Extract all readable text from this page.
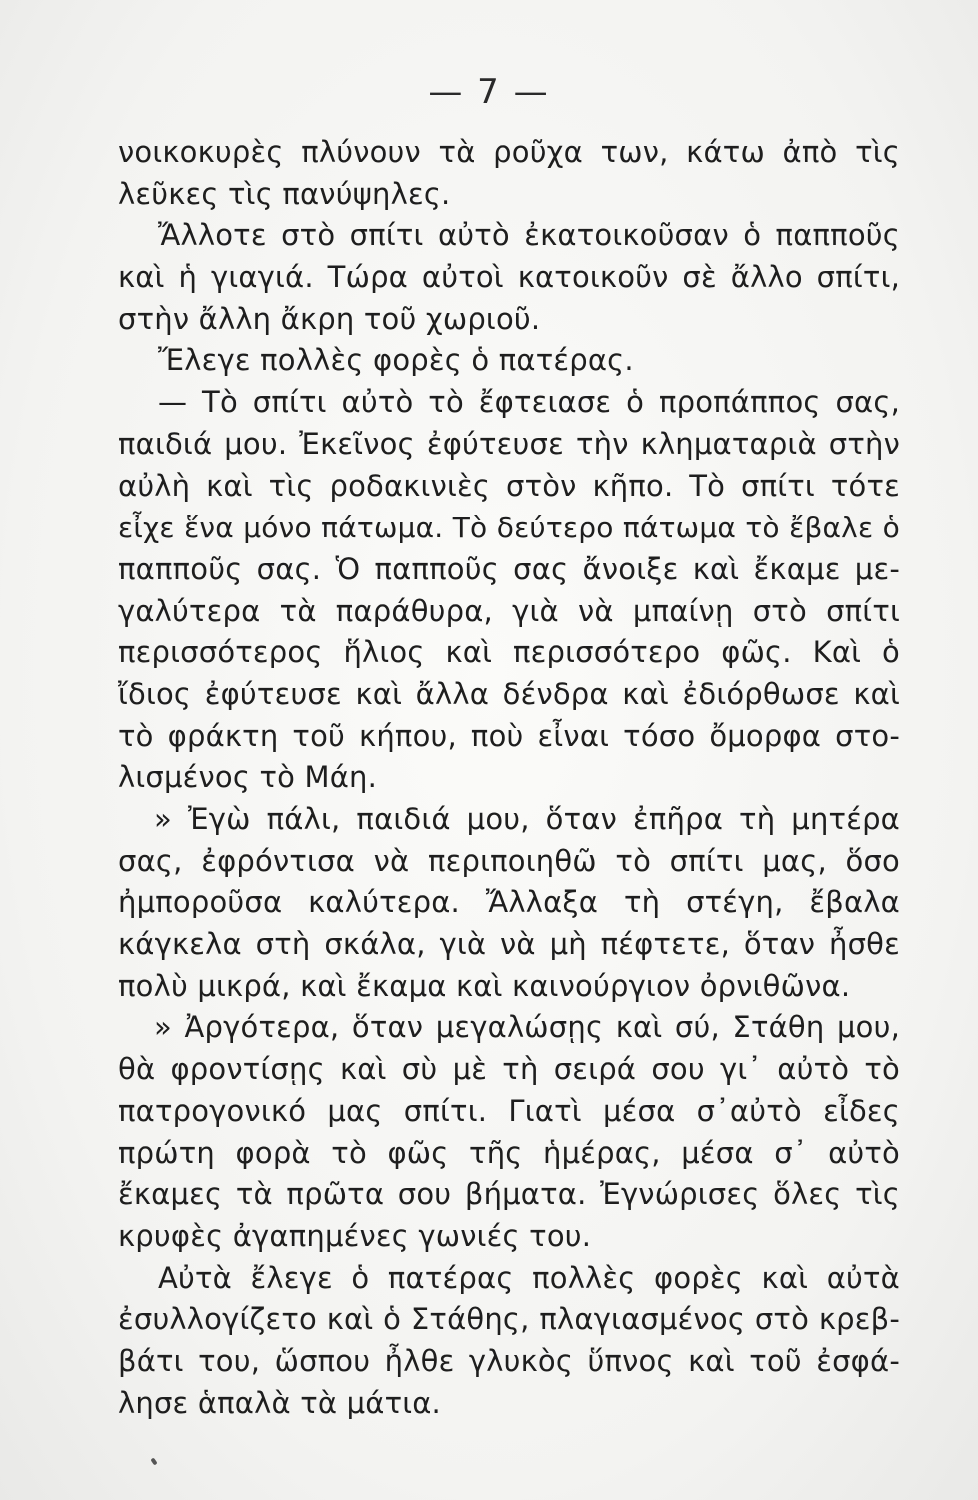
— 7 —
νοικοκυρὲς πλύνουν τὰ ροῦχα των, κάτω ἀπὸ τὶς
λεῦκες τὶς πανύψηλες.
Ἄλλοτε στὸ σπίτι αὐτὸ ἐκατοικοῦσαν ὁ παπποῦς
καὶ ἡ γιαγιά. Τώρα αὐτοὶ κατοικοῦν σὲ ἄλλο σπίτι,
στὴν ἄλλη ἄκρη τοῦ χωριοῦ.
Ἔλεγε πολλὲς φορὲς ὁ πατέρας.
— Τὸ σπίτι αὐτὸ τὸ ἔφτειασε ὁ προπάππος σας,
παιδιά μου. Ἐκεῖνος ἐφύτευσε τὴν κληματαριὰ στὴν
αὐλὴ καὶ τὶς ροδακινιὲς στὸν κῆπο. Τὸ σπίτι τότε
εἶχε ἕνα μόνο πάτωμα. Τὸ δεύτερο πάτωμα τὸ ἔβαλε ὁ
παπποῦς σας. Ὁ παπποῦς σας ἄνοιξε καὶ ἔκαμε με-
γαλύτερα τὰ παράθυρα, γιὰ νὰ μπαίνῃ στὸ σπίτι
περισσότερος ἥλιος καὶ περισσότερο φῶς. Καὶ ὁ
ἴδιος ἐφύτευσε καὶ ἄλλα δένδρα καὶ ἐδιόρθωσε καὶ
τὸ φράκτη τοῦ κήπου, ποὺ εἶναι τόσο ὄμορφα στο-
λισμένος τὸ Μάη.
» Ἐγὼ πάλι, παιδιά μου, ὅταν ἐπῆρα τὴ μητέρα
σας, ἐφρόντισα νὰ περιποιηθῶ τὸ σπίτι μας, ὅσο
ἠμποροῦσα καλύτερα. Ἄλλαξα τὴ στέγη, ἔβαλα
κάγκελα στὴ σκάλα, γιὰ νὰ μὴ πέφτετε, ὅταν ἦσθε
πολὺ μικρά, καὶ ἔκαμα καὶ καινούργιον ὀρνιθῶνα.
» Ἀργότερα, ὅταν μεγαλώσῃς καὶ σύ, Στάθη μου,
θὰ φροντίσῃς καὶ σὺ μὲ τὴ σειρά σου γι᾽ αὐτὸ τὸ
πατρογονικό μας σπίτι. Γιατὶ μέσα σ᾽αὐτὸ εἶδες
πρώτη φορὰ τὸ φῶς τῆς ἡμέρας, μέσα σ᾽ αὐτὸ
ἔκαμες τὰ πρῶτα σου βήματα. Ἐγνώρισες ὅλες τὶς
κρυφὲς ἀγαπημένες γωνιές του.
Αὐτὰ ἔλεγε ὁ πατέρας πολλὲς φορὲς καὶ αὐτὰ
ἐσυλλογίζετο καὶ ὁ Στάθης, πλαγιασμένος στὸ κρεβ-
βάτι του, ὥσπου ἦλθε γλυκὸς ὕπνος καὶ τοῦ ἐσφά-
λησε ἁπαλὰ τὰ μάτια.
